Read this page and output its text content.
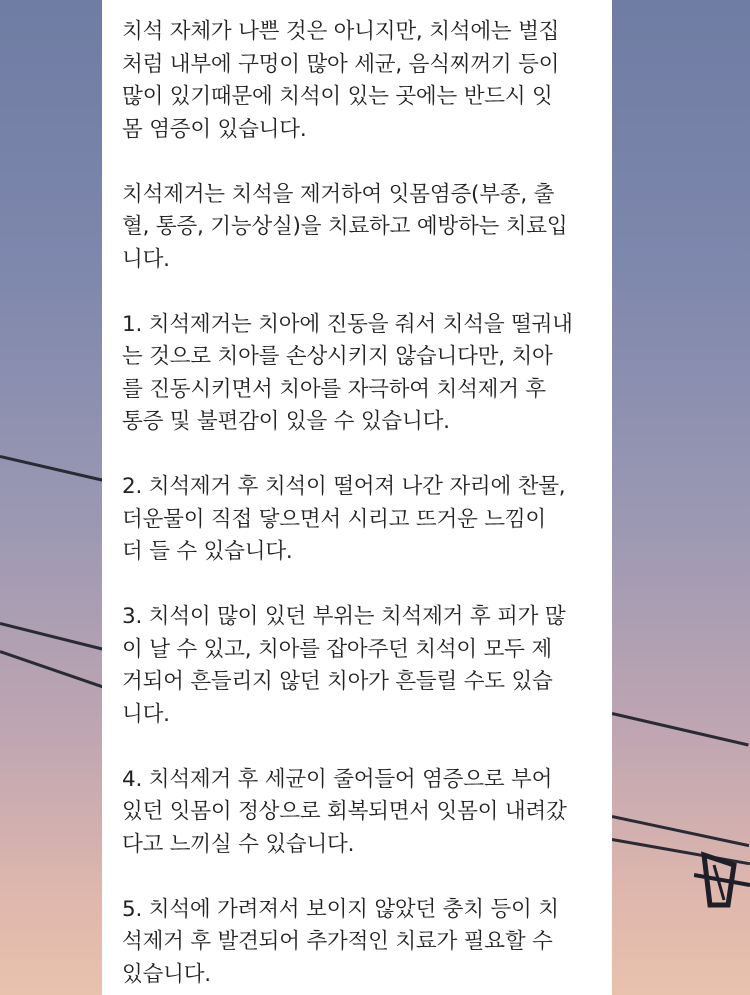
치석 자체가 나쁜 것은 아니지만, 치석에는 벌집
처럼 내부에 구멍이 많아 세균, 음식찌꺼기 등이
많이 있기때문에 치석이 있는 곳에는 반드시 잇
몸 염증이 있습니다.
치석제거는 치석을 제거하여 잇몸염증(부종, 출
혈, 통증, 기능상실)을 치료하고 예방하는 치료입
니다.
1. 치석제거는 치아에 진동을 줘서 치석을 떨궈내
는 것으로 치아를 손상시키지 않습니다만, 치아
를 진동시키면서 치아를 자극하여 치석제거 후
통증 및 불편감이 있을 수 있습니다.
2. 치석제거 후 치석이 떨어져 나간 자리에 찬물,
더운물이 직접 닿으면서 시리고 뜨거운 느낌이
더 들 수 있습니다.
3. 치석이 많이 있던 부위는 치석제거 후 피가 많
이 날 수 있고, 치아를 잡아주던 치석이 모두 제
거되어 흔들리지 않던 치아가 흔들릴 수도 있습
니다.
4. 치석제거 후 세균이 줄어들어 염증으로 부어
있던 잇몸이 정상으로 회복되면서 잇몸이 내려갔
다고 느끼실 수 있습니다.
5. 치석에 가려져서 보이지 않았던 충치 등이 치
석제거 후 발견되어 추가적인 치료가 필요할 수
있습니다.
